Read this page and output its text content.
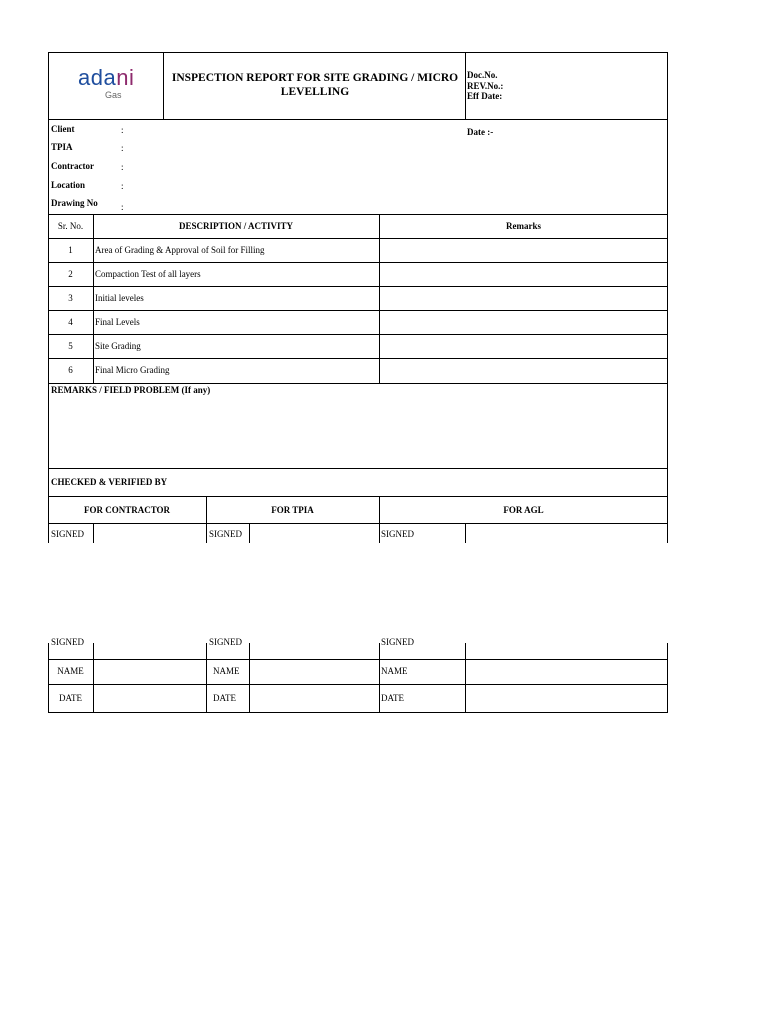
adani
Gas
INSPECTION REPORT FOR SITE GRADING / MICRO LEVELLING
Doc.No.
REV.No.:
Eff Date:
Client	:
TPIA	:
Contractor	:
Location	:
Drawing No	:
Date :-
Sr. No.	DESCRIPTION / ACTIVITY	Remarks
1	Area of Grading & Approval of Soil for Filling
2	Compaction Test of all layers
3	Initial leveles
4	Final Levels
5	Site Grading
6	Final Micro Grading
REMARKS / FIELD PROBLEM (If any)
CHECKED & VERIFIED BY
FOR CONTRACTOR	FOR TPIA	FOR AGL
SIGNED	SIGNED	SIGNED
SIGNED	SIGNED	SIGNED
NAME	NAME	NAME
DATE	DATE	DATE
